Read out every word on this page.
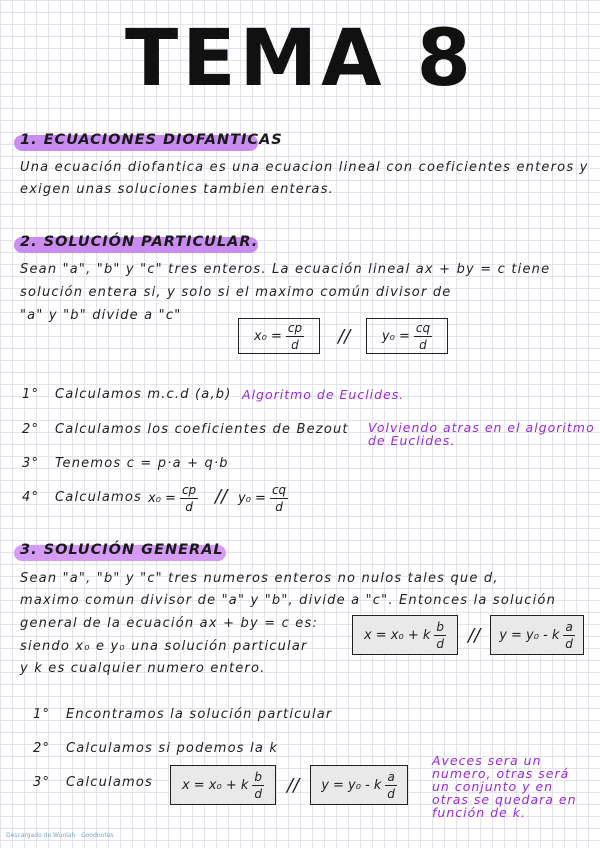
TEMA 8
1. ECUACIONES DIOFANTICAS
Una ecuación diofantica es una ecuacion lineal con coeficientes enteros y
exigen unas soluciones tambien enteras.
2. SOLUCIÓN PARTICULAR.
Sean "a", "b" y "c" tres enteros. La ecuación lineal ax + by = c tiene
solución entera si, y solo si el maximo común divisor de
"a" y "b" divide a "c"
$x_0 = \frac{cp}{d} // y_0 = \frac{cq}{d}$
1° Calculamos m.c.d (a,b) Algoritmo de Euclides.
2° Calculamos los coeficientes de Bezout Volviendo atras en el algoritmo
de Euclides.
3° Tenemos c = p·a + q·b
4° Calculamos $x_0 = \frac{cp}{d} // y_0 = \frac{cq}{d}$
3. SOLUCIÓN GENERAL
Sean "a", "b" y "c" tres numeros enteros no nulos tales que d,
maximo comun divisor de "a" y "b", divide a "c". Entonces la solución
general de la ecuación ax + by = c es:
siendo x₀ e y₀ una solución particular
y k es cualquier numero entero.
x = x₀ + k $\frac{b}{d} // y = y_0 - k \frac{a}{d}$
1° Encontramos la solución particular
2° Calculamos si podemos la k
3° Calculamos x = x₀ + k $\frac{b}{d} // y = y_0 - k \frac{a}{d}$
Aveces sera un
numero, otras será
un conjunto y en
otras se quedara en
función de k.
Descargado de Wuolah · Goodnotes
